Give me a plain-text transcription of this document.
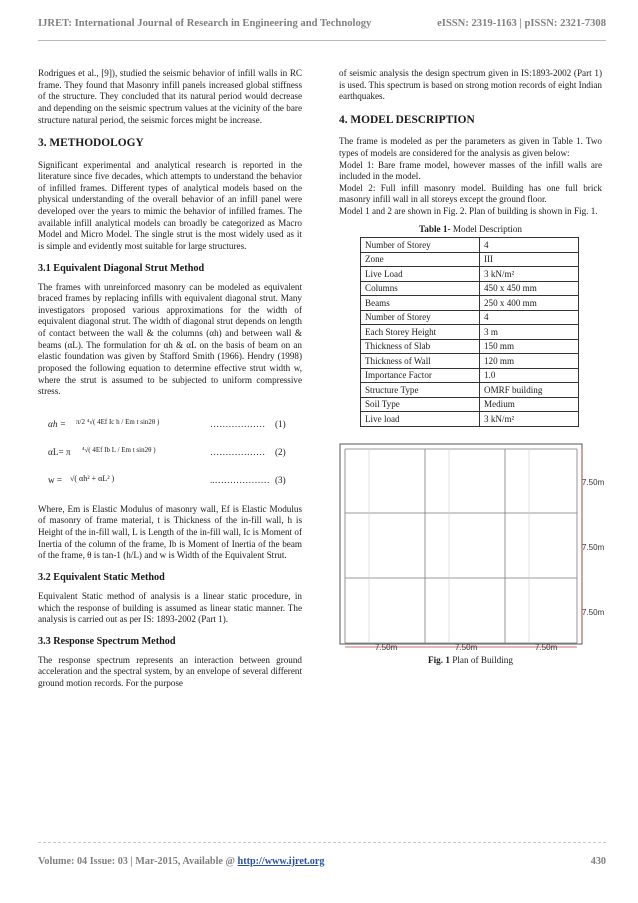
IJRET: International Journal of Research in Engineering and Technology	eISSN: 2319-1163 | pISSN: 2321-7308

Rodrigues et al., [9]), studied the seismic behavior of infill walls in RC frame. They found that Masonry infill panels increased global stiffness of the structure. They concluded that its natural period would decrease and depending on the seismic spectrum values at the vicinity of the bare structure natural period, the seismic forces might be increase.

3. METHODOLOGY

Significant experimental and analytical research is reported in the literature since five decades, which attempts to understand the behavior of infilled frames. Different types of analytical models based on the physical understanding of the overall behavior of an infill panel were developed over the years to mimic the behavior of infilled frames. The available infill analytical models can broadly be categorized as Macro Model and Micro Model. The single strut is the most widely used as it is simple and evidently most suitable for large structures.

3.1 Equivalent Diagonal Strut Method

The frames with unreinforced masonry can be modeled as equivalent braced frames by replacing infills with equivalent diagonal strut. Many investigators proposed various approximations for the width of equivalent diagonal strut. The width of diagonal strut depends on length of contact between the wall & the columns (αh) and between wall & beams (αL). The formulation for αh & αL on the basis of beam on an elastic foundation was given by Stafford Smith (1966). Hendry (1998) proposed the following equation to determine effective strut width w, where the strut is assumed to be subjected to uniform compressive stress.

αh = π/2 ⁴√( 4Ef Ic h / Em t sin2θ )	……………… (1)
αL= π ⁴√( 4Ef Ib L / Em t sin2θ )	……………… (2)
w = √( αh² + αL² )	..……………… (3)

Where, Em is Elastic Modulus of masonry wall, Ef is Elastic Modulus of masonry of frame material, t is Thickness of the in-fill wall, h is Height of the in-fill wall, L is Length of the in-fill wall, Ic is Moment of Inertia of the column of the frame, Ib is Moment of Inertia of the beam of the frame, θ is tan-1 (h/L) and w is Width of the Equivalent Strut.

3.2 Equivalent Static Method

Equivalent Static method of analysis is a linear static procedure, in which the response of building is assumed as linear static manner. The analysis is carried out as per IS: 1893-2002 (Part 1).

3.3 Response Spectrum Method

The response spectrum represents an interaction between ground acceleration and the spectral system, by an envelope of several different ground motion records. For the purpose

of seismic analysis the design spectrum given in IS:1893-2002 (Part 1) is used. This spectrum is based on strong motion records of eight Indian earthquakes.

4. MODEL DESCRIPTION

The frame is modeled as per the parameters as given in Table 1. Two types of models are considered for the analysis as given below:

Model 1: Bare frame model, however masses of the infill walls are included in the model.

Model 2: Full infill masonry model. Building has one full brick masonry infill wall in all storeys except the ground floor.

Model 1 and 2 are shown in Fig. 2. Plan of building is shown in Fig. 1.

Table 1- Model Description
Number of Storey	4
Zone	III
Live Load	3 kN/m²
Columns	450 x 450 mm
Beams	250 x 400 mm
Number of Storey	4
Each Storey Height	3 m
Thickness of Slab	150 mm
Thickness of Wall	120 mm
Importance Factor	1.0
Structure Type	OMRF building
Soil Type	Medium
Live load	3 kN/m²
7.50m
7.50m
7.50m
7.50m	7.50m	7.50m
Fig. 1 Plan of Building
Volume: 04 Issue: 03 | Mar-2015, Available @ http://www.ijret.org	430
